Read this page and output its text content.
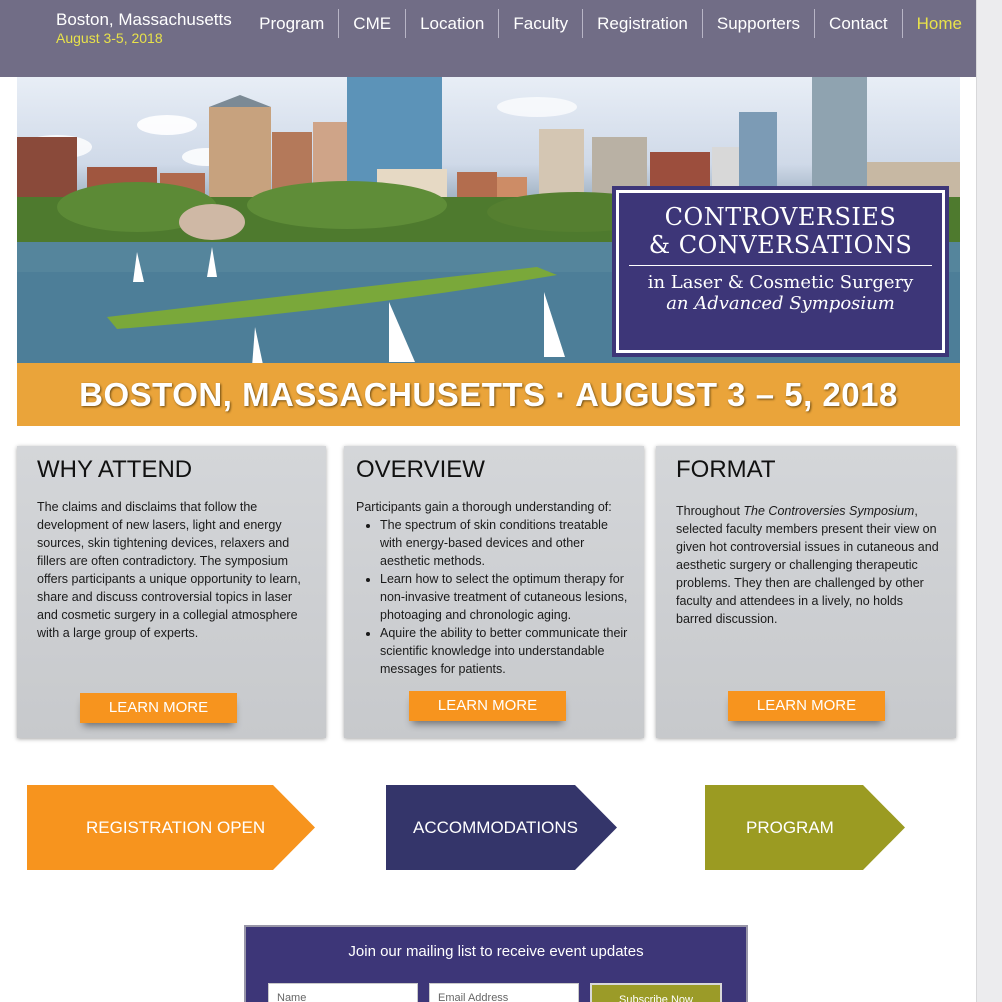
Boston, Massachusetts
August 3-5, 2018
Program	CME	Location	Faculty	Registration	Supporters	Contact	Home
CONTROVERSIES
& CONVERSATIONS
in Laser & Cosmetic Surgery
an Advanced Symposium
BOSTON, MASSACHUSETTS · AUGUST 3 – 5, 2018
WHY ATTEND

The claims and disclaims that follow the development of new lasers, light and energy sources, skin tightening devices, relaxers and fillers are often contradictory. The symposium offers participants a unique opportunity to learn, share and discuss controversial topics in laser and cosmetic surgery in a collegial atmosphere with a large group of experts.

LEARN MORE
OVERVIEW

Participants gain a thorough understanding of:

• The spectrum of skin conditions treatable with energy-based devices and other aesthetic methods.
• Learn how to select the optimum therapy for non-invasive treatment of cutaneous lesions, photoaging and chronologic aging.
• Aquire the ability to better communicate their scientific knowledge into understandable messages for patients.
LEARN MORE
FORMAT

Throughout The Controversies Symposium, selected faculty members present their view on given hot controversial issues in cutaneous and aesthetic surgery or challenging therapeutic problems. They then are challenged by other faculty and attendees in a lively, no holds barred discussion.

LEARN MORE
REGISTRATION OPEN	ACCOMMODATIONS	PROGRAM
Join our mailing list to receive event updates
Name	Email Address	Subscribe Now
